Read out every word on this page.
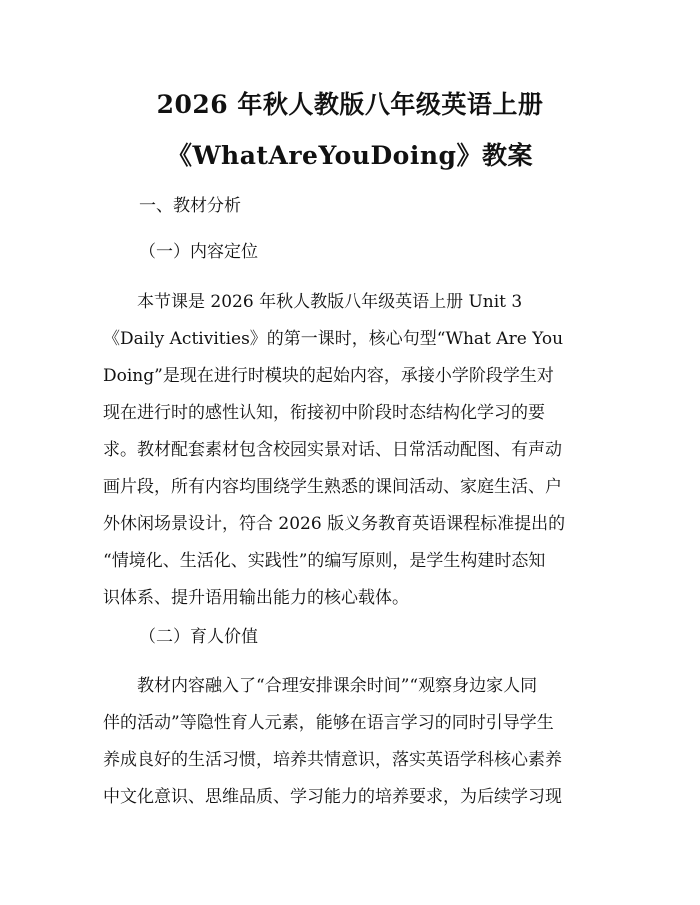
2026 年秋人教版八年级英语上册
《WhatAreYouDoing》教案
一、教材分析
（一）内容定位
本节课是 2026 年秋人教版八年级英语上册 Unit 3
《Daily Activities》的第一课时，核心句型“What Are You
Doing”是现在进行时模块的起始内容，承接小学阶段学生对
现在进行时的感性认知，衔接初中阶段时态结构化学习的要
求。教材配套素材包含校园实景对话、日常活动配图、有声动
画片段，所有内容均围绕学生熟悉的课间活动、家庭生活、户
外休闲场景设计，符合 2026 版义务教育英语课程标准提出的
“情境化、生活化、实践性”的编写原则，是学生构建时态知
识体系、提升语用输出能力的核心载体。
（二）育人价值
教材内容融入了“合理安排课余时间”“观察身边家人同
伴的活动”等隐性育人元素，能够在语言学习的同时引导学生
养成良好的生活习惯，培养共情意识，落实英语学科核心素养
中文化意识、思维品质、学习能力的培养要求，为后续学习现
